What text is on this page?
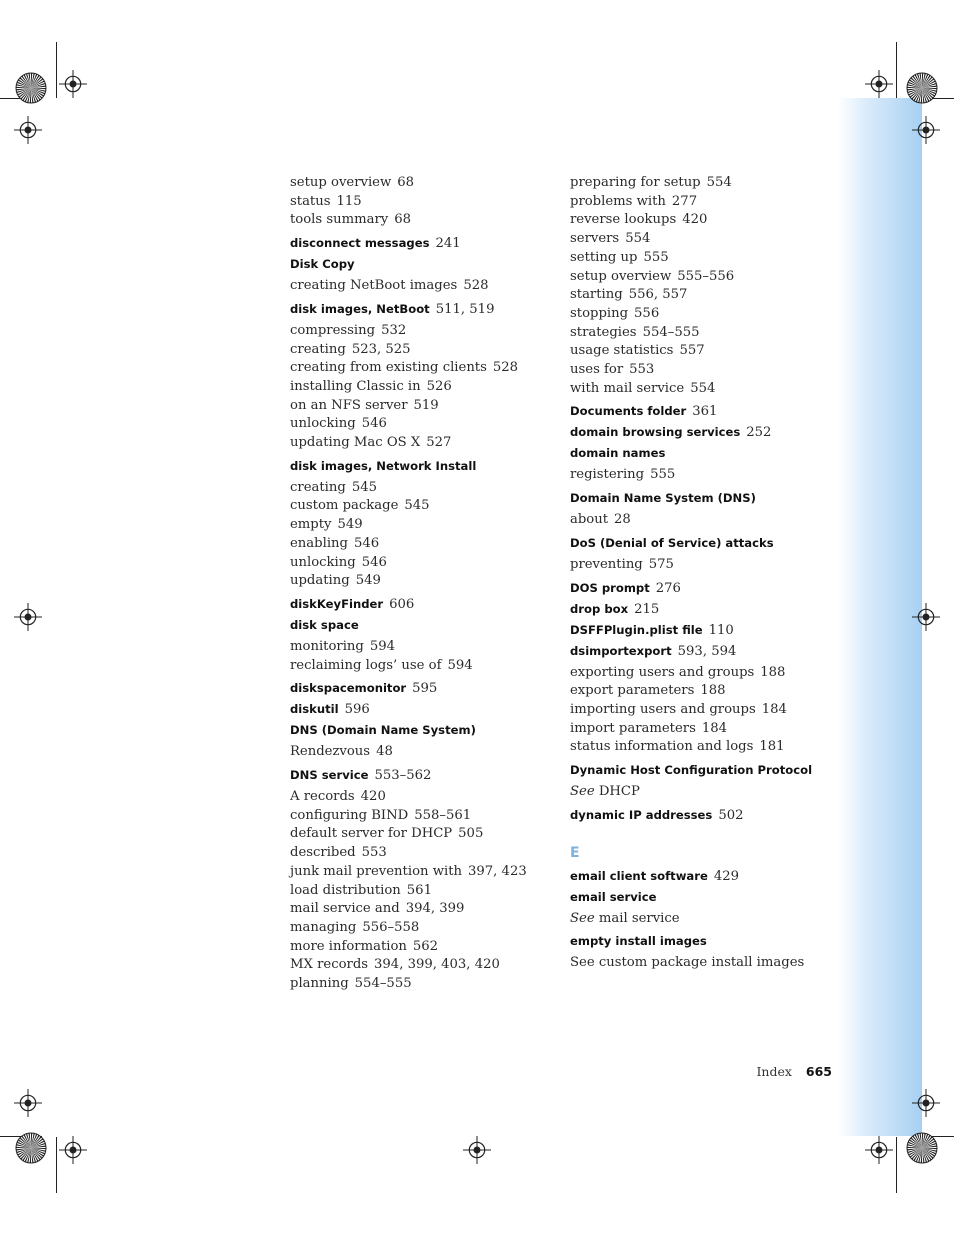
setup overview 68
status 115
tools summary 68
disconnect messages 241
Disk Copy
creating NetBoot images 528
disk images, NetBoot 511, 519
compressing 532
creating 523, 525
creating from existing clients 528
installing Classic in 526
on an NFS server 519
unlocking 546
updating Mac OS X 527
disk images, Network Install
creating 545
custom package 545
empty 549
enabling 546
unlocking 546
updating 549
diskKeyFinder 606
disk space
monitoring 594
reclaiming logs’ use of 594
diskspacemonitor 595
diskutil 596
DNS (Domain Name System)
Rendezvous 48
DNS service 553–562
A records 420
configuring BIND 558–561
default server for DHCP 505
described 553
junk mail prevention with 397, 423
load distribution 561
mail service and 394, 399
managing 556–558
more information 562
MX records 394, 399, 403, 420
planning 554–555
preparing for setup 554
problems with 277
reverse lookups 420
servers 554
setting up 555
setup overview 555–556
starting 556, 557
stopping 556
strategies 554–555
usage statistics 557
uses for 553
with mail service 554
Documents folder 361
domain browsing services 252
domain names
registering 555
Domain Name System (DNS)
about 28
DoS (Denial of Service) attacks
preventing 575
DOS prompt 276
drop box 215
DSFFPlugin.plist file 110
dsimportexport 593, 594
exporting users and groups 188
export parameters 188
importing users and groups 184
import parameters 184
status information and logs 181
Dynamic Host Configuration Protocol
See DHCP
dynamic IP addresses 502
E
email client software 429
email service
See mail service
empty install images
See custom package install images
Index 665
